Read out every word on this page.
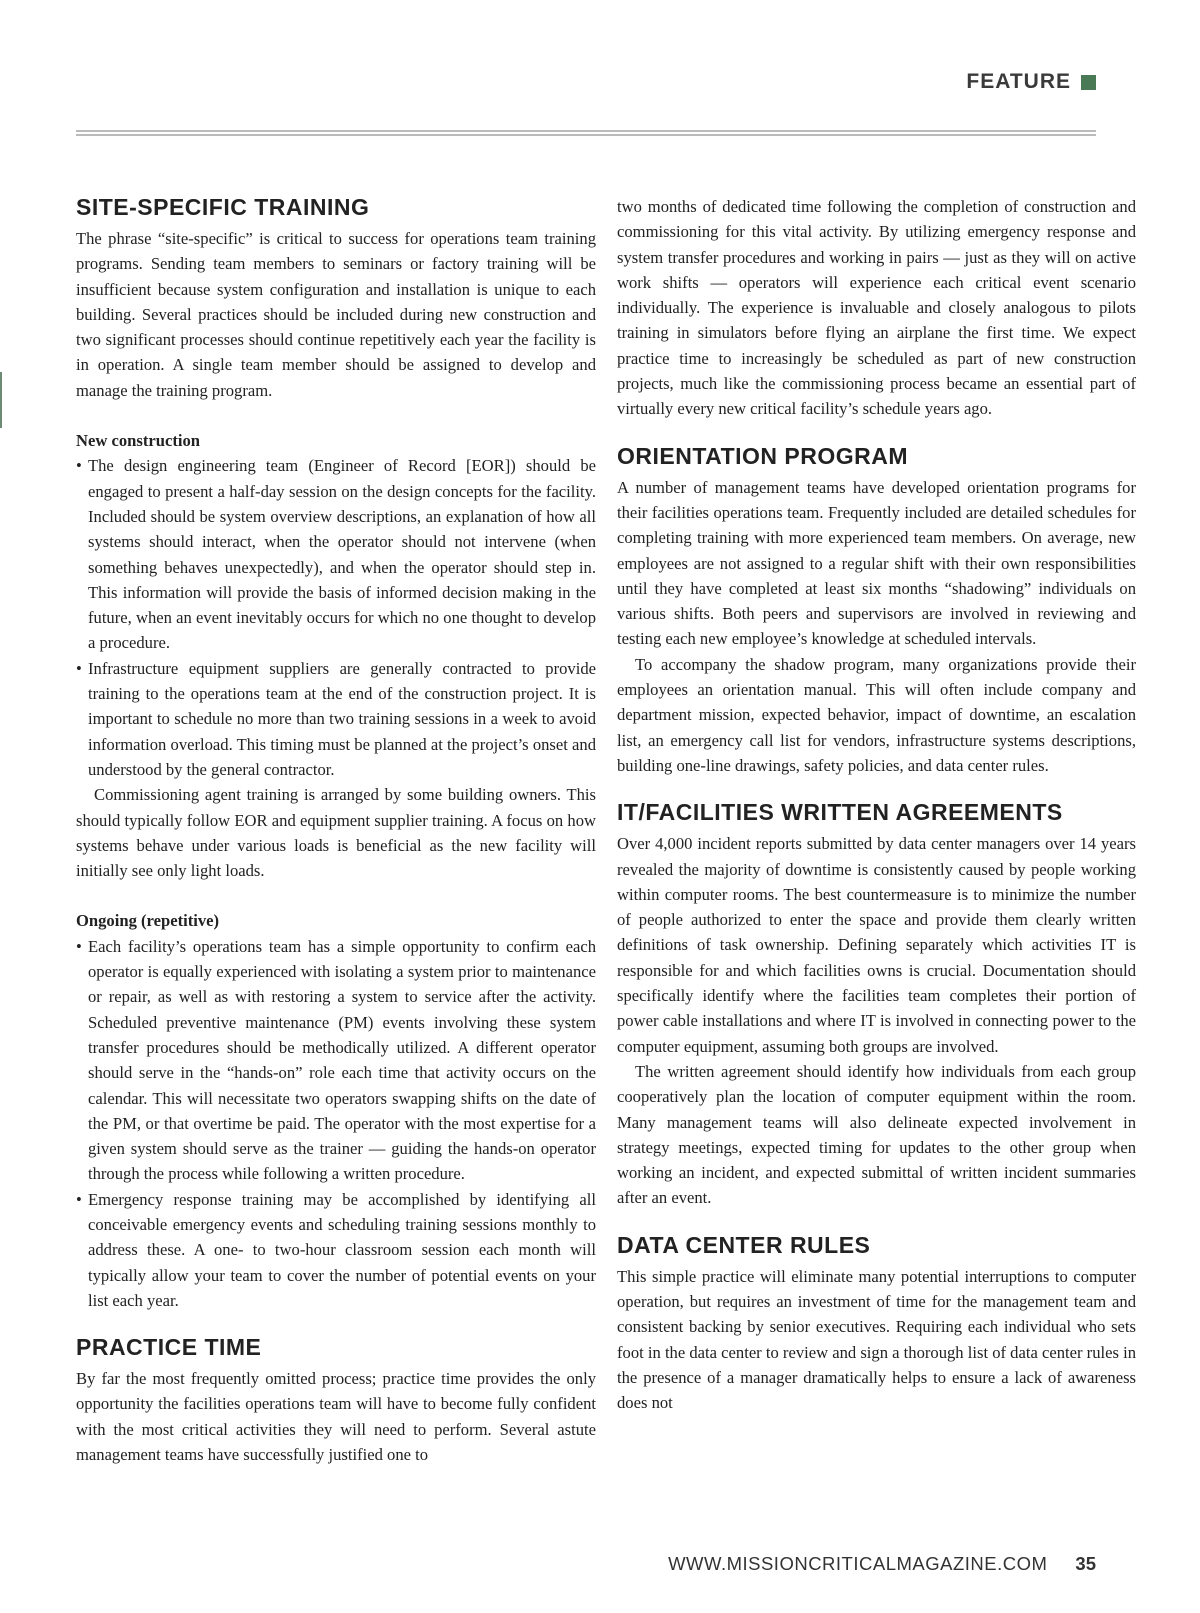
FEATURE
SITE-SPECIFIC TRAINING

The phrase “site-specific” is critical to success for operations team training programs. Sending team members to seminars or factory training will be insufficient because system configuration and installation is unique to each building. Several practices should be included during new construction and two significant processes should continue repetitively each year the facility is in operation. A single team member should be assigned to develop and manage the training program.

New construction

• The design engineering team (Engineer of Record [EOR]) should be engaged to present a half-day session on the design concepts for the facility. Included should be system overview descriptions, an explanation of how all systems should interact, when the operator should not intervene (when something behaves unexpectedly), and when the operator should step in. This information will provide the basis of informed decision making in the future, when an event inevitably occurs for which no one thought to develop a procedure.
• Infrastructure equipment suppliers are generally contracted to provide training to the operations team at the end of the construction project. It is important to schedule no more than two training sessions in a week to avoid information overload. This timing must be planned at the project’s onset and understood by the general contractor.

Commissioning agent training is arranged by some building owners. This should typically follow EOR and equipment supplier training. A focus on how systems behave under various loads is beneficial as the new facility will initially see only light loads.

Ongoing (repetitive)

• Each facility’s operations team has a simple opportunity to confirm each operator is equally experienced with isolating a system prior to maintenance or repair, as well as with restoring a system to service after the activity. Scheduled preventive maintenance (PM) events involving these system transfer procedures should be methodically utilized. A different operator should serve in the “hands-on” role each time that activity occurs on the calendar. This will necessitate two operators swapping shifts on the date of the PM, or that overtime be paid. The operator with the most expertise for a given system should serve as the trainer — guiding the hands-on operator through the process while following a written procedure.
• Emergency response training may be accomplished by identifying all conceivable emergency events and scheduling training sessions monthly to address these. A one- to two-hour classroom session each month will typically allow your team to cover the number of potential events on your list each year.
PRACTICE TIME

By far the most frequently omitted process; practice time provides the only opportunity the facilities operations team will have to become fully confident with the most critical activities they will need to perform. Several astute management teams have successfully justified one to

two months of dedicated time following the completion of construction and commissioning for this vital activity. By utilizing emergency response and system transfer procedures and working in pairs — just as they will on active work shifts — operators will experience each critical event scenario individually. The experience is invaluable and closely analogous to pilots training in simulators before flying an airplane the first time. We expect practice time to increasingly be scheduled as part of new construction projects, much like the commissioning process became an essential part of virtually every new critical facility’s schedule years ago.

ORIENTATION PROGRAM

A number of management teams have developed orientation programs for their facilities operations team. Frequently included are detailed schedules for completing training with more experienced team members. On average, new employees are not assigned to a regular shift with their own responsibilities until they have completed at least six months “shadowing” individuals on various shifts. Both peers and supervisors are involved in reviewing and testing each new employee’s knowledge at scheduled intervals.

To accompany the shadow program, many organizations provide their employees an orientation manual. This will often include company and department mission, expected behavior, impact of downtime, an escalation list, an emergency call list for vendors, infrastructure systems descriptions, building one-line drawings, safety policies, and data center rules.

IT/FACILITIES WRITTEN AGREEMENTS

Over 4,000 incident reports submitted by data center managers over 14 years revealed the majority of downtime is consistently caused by people working within computer rooms. The best countermeasure is to minimize the number of people authorized to enter the space and provide them clearly written definitions of task ownership. Defining separately which activities IT is responsible for and which facilities owns is crucial. Documentation should specifically identify where the facilities team completes their portion of power cable installations and where IT is involved in connecting power to the computer equipment, assuming both groups are involved.

The written agreement should identify how individuals from each group cooperatively plan the location of computer equipment within the room. Many management teams will also delineate expected involvement in strategy meetings, expected timing for updates to the other group when working an incident, and expected submittal of written incident summaries after an event.

DATA CENTER RULES

This simple practice will eliminate many potential interruptions to computer operation, but requires an investment of time for the management team and consistent backing by senior executives. Requiring each individual who sets foot in the data center to review and sign a thorough list of data center rules in the presence of a manager dramatically helps to ensure a lack of awareness does not

WWW.MISSIONCRITICALMAGAZINE.COM 35
